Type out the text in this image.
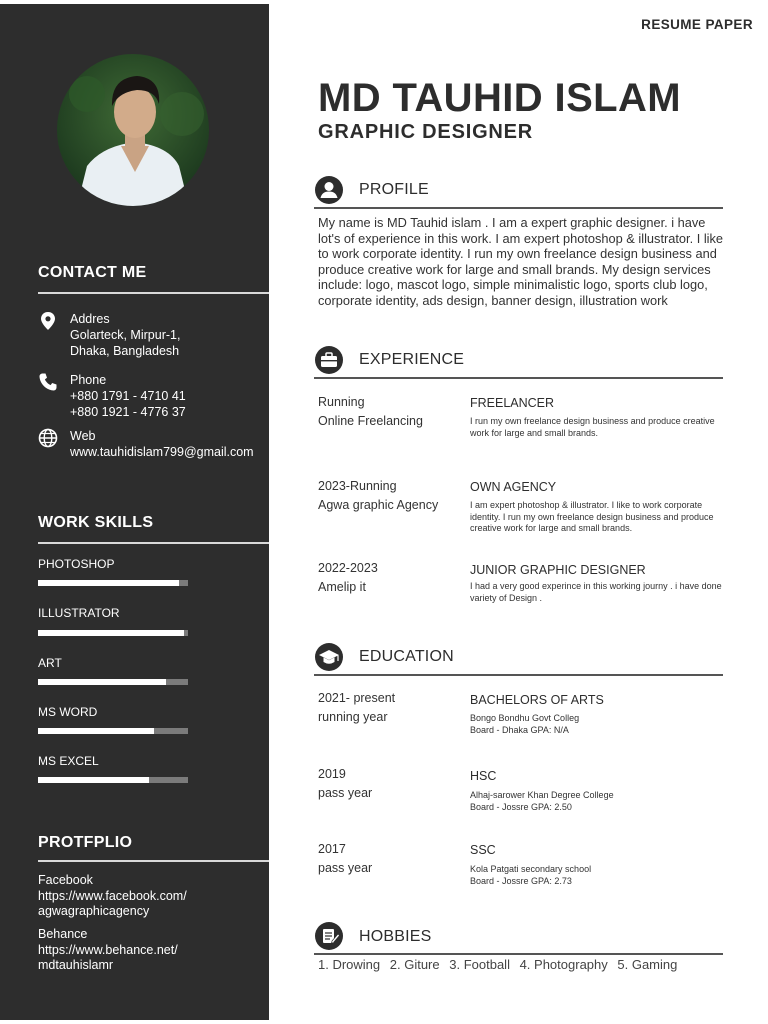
CONTACT ME
Addres
Golarteck, Mirpur-1,
Dhaka, Bangladesh
Phone
+880 1791 - 4710 41
+880 1921 - 4776 37
Web
www.tauhidislam799@gmail.com
WORK SKILLS
PHOTOSHOP
ILLUSTRATOR
ART
MS WORD
MS EXCEL
PROTFPLIO
Facebook
https://www.facebook.com/
agwagraphicagency
Behance
https://www.behance.net/
mdtauhislamr
RESUME PAPER
MD TAUHID ISLAM
GRAPHIC DESIGNER
PROFILE
My name is MD Tauhid islam . I am a expert graphic designer. i have lot's of experience in this work. I am expert photoshop & illustrator. I like to work corporate identity. I run my own freelance design business and produce creative work for large and small brands. My design services include: logo, mascot logo, simple minimalistic logo, sports club logo, corporate identity, ads design, banner design, illustration work
EXPERIENCE
Running
Online Freelancing
FREELANCER
I run my own freelance design business and produce creative work for large and small brands.
2023-Running
Agwa graphic Agency
OWN AGENCY
I am expert photoshop & illustrator. I like to work corporate identity. I run my own freelance design business and produce creative work for large and small brands.
2022-2023
Amelip it
JUNIOR GRAPHIC DESIGNER
I had a very good experince in this working journy . i have done variety of Design .
EDUCATION
2021- present
running year
BACHELORS OF ARTS
Bongo Bondhu Govt Colleg
Board - Dhaka GPA: N/A
2019
pass year
HSC
Alhaj-sarower Khan Degree College
Board - Jossre GPA: 2.50
2017
pass year
SSC
Kola Patgati secondary school
Board - Jossre GPA: 2.73
HOBBIES
1. Drowing 2. Giture 3. Football 4. Photography 5. Gaming
